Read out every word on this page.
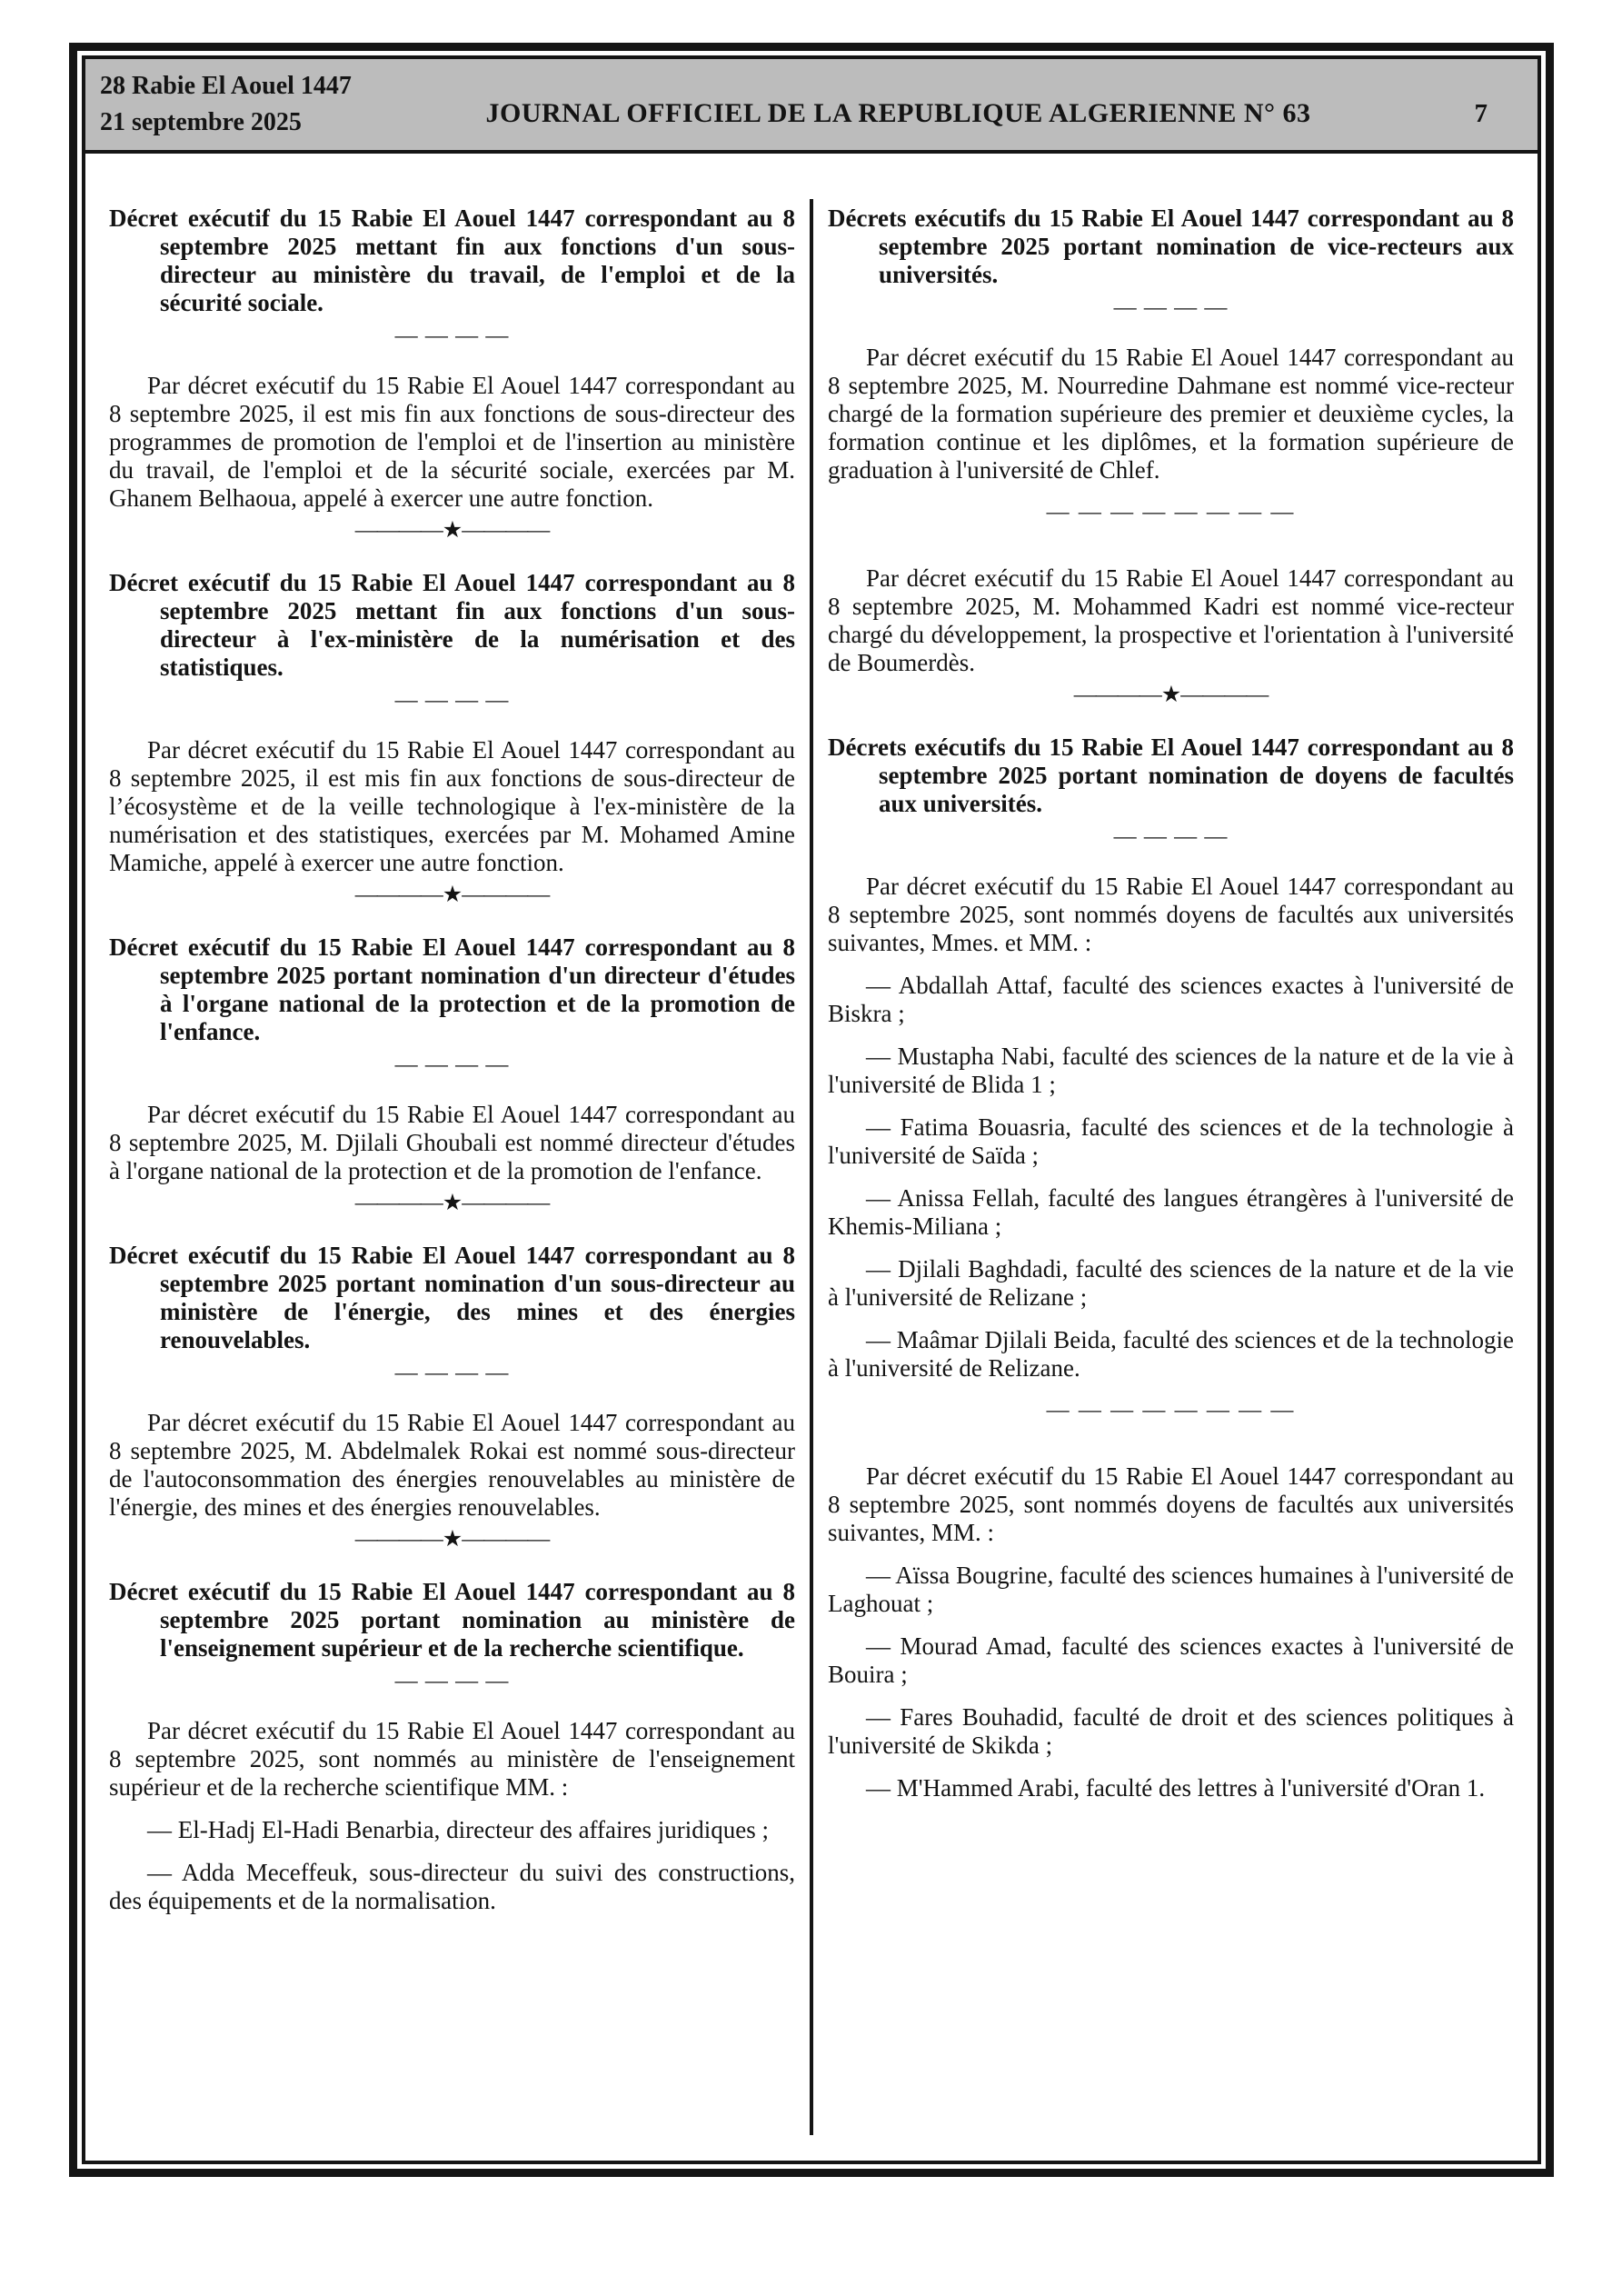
28 Rabie El Aouel 1447
21 septembre 2025	JOURNAL OFFICIEL DE LA REPUBLIQUE ALGERIENNE N° 63	7
Décret exécutif du 15 Rabie El Aouel 1447 correspondant au 8 septembre 2025 mettant fin aux fonctions d'un sous-directeur au ministère du travail, de l'emploi et de la sécurité sociale.
— — — —
Par décret exécutif du 15 Rabie El Aouel 1447 correspondant au 8 septembre 2025, il est mis fin aux fonctions de sous-directeur des programmes de promotion de l'emploi et de l'insertion au ministère du travail, de l'emploi et de la sécurité sociale, exercées par M. Ghanem Belhaoua, appelé à exercer une autre fonction.
————★————
Décret exécutif du 15 Rabie El Aouel 1447 correspondant au 8 septembre 2025 mettant fin aux fonctions d'un sous-directeur à l'ex-ministère de la numérisation et des statistiques.
— — — —
Par décret exécutif du 15 Rabie El Aouel 1447 correspondant au 8 septembre 2025, il est mis fin aux fonctions de sous-directeur de l’écosystème et de la veille technologique à l'ex-ministère de la numérisation et des statistiques, exercées par M. Mohamed Amine Mamiche, appelé à exercer une autre fonction.
————★————
Décret exécutif du 15 Rabie El Aouel 1447 correspondant au 8 septembre 2025 portant nomination d'un directeur d'études à l'organe national de la protection et de la promotion de l'enfance.
— — — —
Par décret exécutif du 15 Rabie El Aouel 1447 correspondant au 8 septembre 2025, M. Djilali Ghoubali est nommé directeur d'études à l'organe national de la protection et de la promotion de l'enfance.
————★————
Décret exécutif du 15 Rabie El Aouel 1447 correspondant au 8 septembre 2025 portant nomination d'un sous-directeur au ministère de l'énergie, des mines et des énergies renouvelables.
— — — —
Par décret exécutif du 15 Rabie El Aouel 1447 correspondant au 8 septembre 2025, M. Abdelmalek Rokai est nommé sous-directeur de l'autoconsommation des énergies renouvelables au ministère de l'énergie, des mines et des énergies renouvelables.
————★————
Décret exécutif du 15 Rabie El Aouel 1447 correspondant au 8 septembre 2025 portant nomination au ministère de l'enseignement supérieur et de la recherche scientifique.
— — — —
Par décret exécutif du 15 Rabie El Aouel 1447 correspondant au 8 septembre 2025, sont nommés au ministère de l'enseignement supérieur et de la recherche scientifique MM. :
— El-Hadj El-Hadi Benarbia, directeur des affaires juridiques ;
— Adda Meceffeuk, sous-directeur du suivi des constructions, des équipements et de la normalisation.
Décrets exécutifs du 15 Rabie El Aouel 1447 correspondant au 8 septembre 2025 portant nomination de vice-recteurs aux universités.
— — — —
Par décret exécutif du 15 Rabie El Aouel 1447 correspondant au 8 septembre 2025, M. Nourredine Dahmane est nommé vice-recteur chargé de la formation supérieure des premier et deuxième cycles, la formation continue et les diplômes, et la formation supérieure de graduation à l'université de Chlef.
— — — — — — — —
Par décret exécutif du 15 Rabie El Aouel 1447 correspondant au 8 septembre 2025, M. Mohammed Kadri est nommé vice-recteur chargé du développement, la prospective et l'orientation à l'université de Boumerdès.
————★————
Décrets exécutifs du 15 Rabie El Aouel 1447 correspondant au 8 septembre 2025 portant nomination de doyens de facultés aux universités.
— — — —
Par décret exécutif du 15 Rabie El Aouel 1447 correspondant au 8 septembre 2025, sont nommés doyens de facultés aux universités suivantes, Mmes. et MM. :
— Abdallah Attaf, faculté des sciences exactes à l'université de Biskra ;
— Mustapha Nabi, faculté des sciences de la nature et de la vie à l'université de Blida 1 ;
— Fatima Bouasria, faculté des sciences et de la technologie à l'université de Saïda ;
— Anissa Fellah, faculté des langues étrangères à l'université de Khemis-Miliana ;
— Djilali Baghdadi, faculté des sciences de la nature et de la vie à l'université de Relizane ;
— Maâmar Djilali Beida, faculté des sciences et de la technologie à l'université de Relizane.
— — — — — — — —
Par décret exécutif du 15 Rabie El Aouel 1447 correspondant au 8 septembre 2025, sont nommés doyens de facultés aux universités suivantes, MM. :
— Aïssa Bougrine, faculté des sciences humaines à l'université de Laghouat ;
— Mourad Amad, faculté des sciences exactes à l'université de Bouira ;
— Fares Bouhadid, faculté de droit et des sciences politiques à l'université de Skikda ;
— M'Hammed Arabi, faculté des lettres à l'université d'Oran 1.
